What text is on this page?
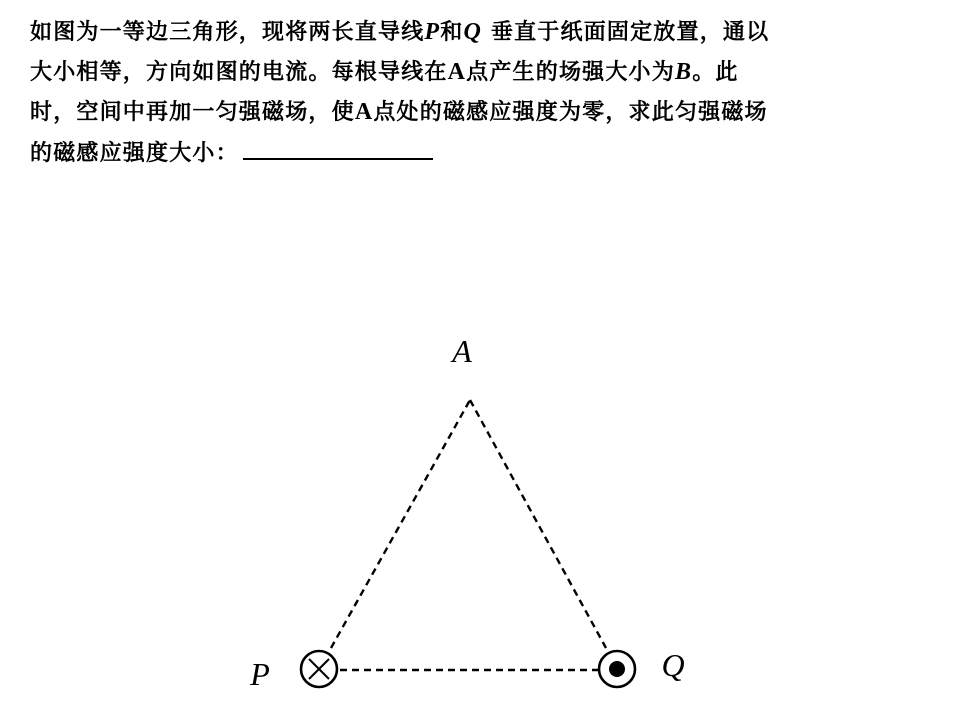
如图为一等边三角形，现将两长直导线P和Q 垂直于纸面固定放置，通以
大小相等，方向如图的电流。每根导线在A点产生的场强大小为B。此
时，空间中再加一匀强磁场，使A点处的磁感应强度为零，求此匀强磁场
的磁感应强度大小：
A
P	Q
